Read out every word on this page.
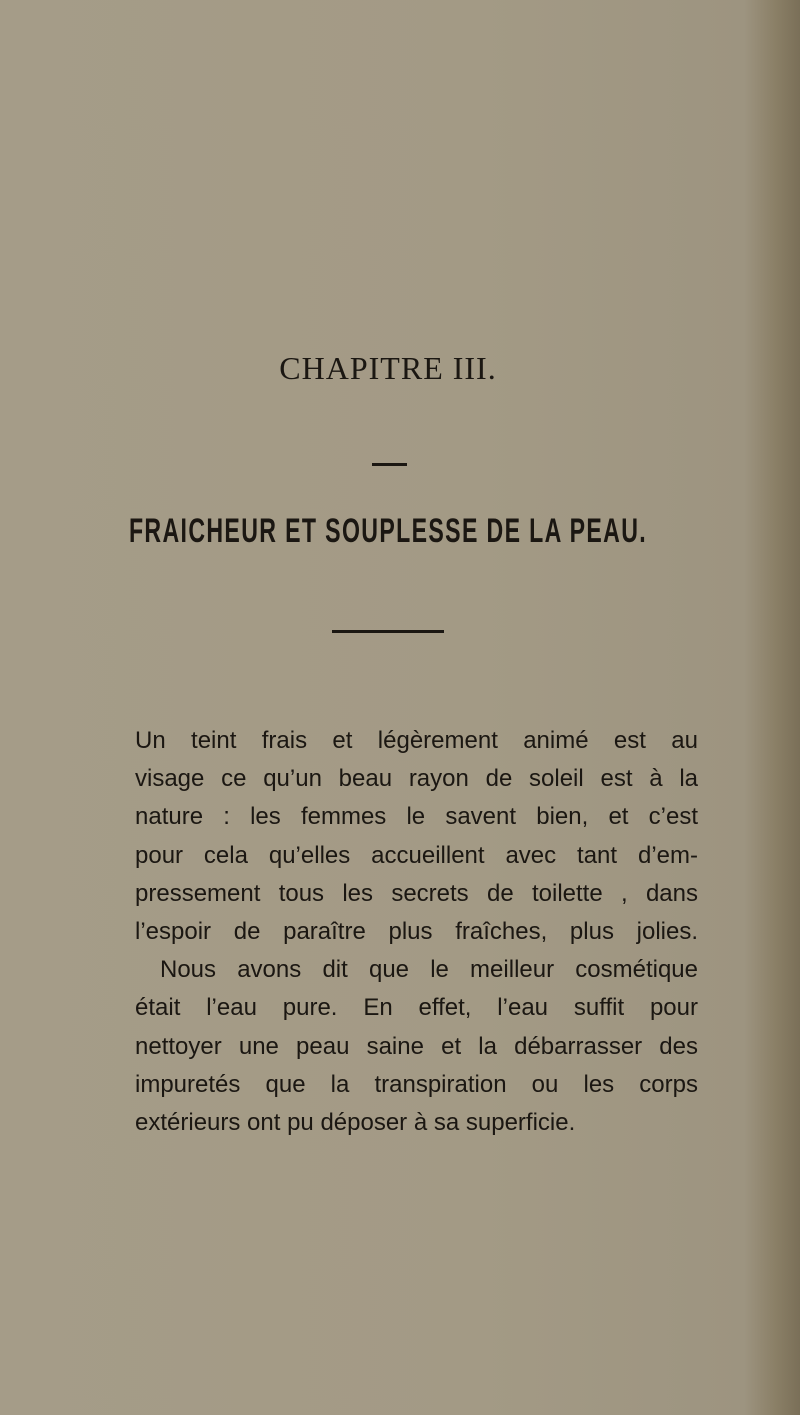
CHAPITRE III.
FRAICHEUR ET SOUPLESSE DE LA PEAU.
Un teint frais et légèrement animé est au
visage ce qu’un beau rayon de soleil est à la
nature : les femmes le savent bien, et c’est
pour cela qu’elles accueillent avec tant d’em-
pressement tous les secrets de toilette , dans
l’espoir de paraître plus fraîches, plus jolies.
Nous avons dit que le meilleur cosmétique
était l’eau pure. En effet, l’eau suffit pour
nettoyer une peau saine et la débarrasser des
impuretés que la transpiration ou les corps
extérieurs ont pu déposer à sa superficie.
